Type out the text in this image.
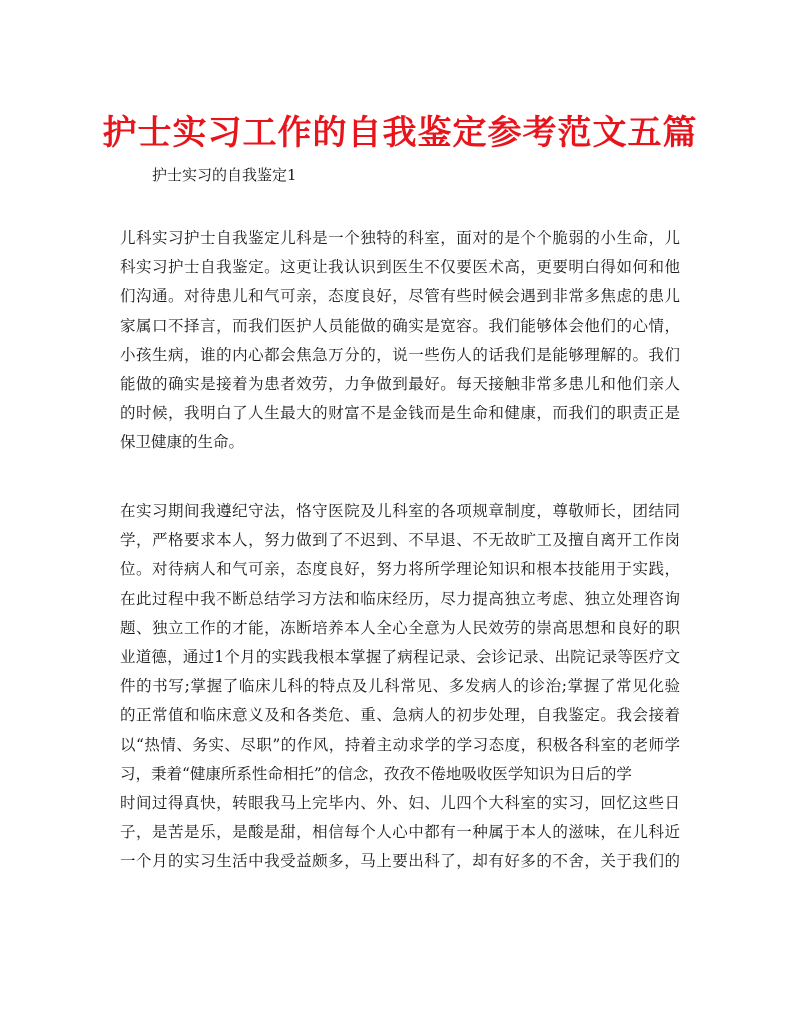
护士实习工作的自我鉴定参考范文五篇

护士实习的自我鉴定1

儿科实习护士自我鉴定儿科是一个独特的科室，面对的是个个脆弱的小生命，儿
科实习护士自我鉴定。这更让我认识到医生不仅要医术高，更要明白得如何和他
们沟通。对待患儿和气可亲，态度良好，尽管有些时候会遇到非常多焦虑的患儿
家属口不择言，而我们医护人员能做的确实是宽容。我们能够体会他们的心情，
小孩生病，谁的内心都会焦急万分的，说一些伤人的话我们是能够理解的。我们
能做的确实是接着为患者效劳，力争做到最好。每天接触非常多患儿和他们亲人
的时候，我明白了人生最大的财富不是金钱而是生命和健康，而我们的职责正是
保卫健康的生命。
在实习期间我遵纪守法，恪守医院及儿科室的各项规章制度，尊敬师长，团结同
学，严格要求本人，努力做到了不迟到、不早退、不无故旷工及擅自离开工作岗
位。对待病人和气可亲，态度良好，努力将所学理论知识和根本技能用于实践，
在此过程中我不断总结学习方法和临床经历，尽力提高独立考虑、独立处理咨询
题、独立工作的才能，冻断培养本人全心全意为人民效劳的崇高思想和良好的职
业道德，通过1个月的实践我根本掌握了病程记录、会诊记录、出院记录等医疗文
件的书写;掌握了临床儿科的特点及儿科常见、多发病人的诊治;掌握了常见化验
的正常值和临床意义及和各类危、重、急病人的初步处理，自我鉴定。我会接着
以“热情、务实、尽职”的作风，持着主动求学的学习态度，积极各科室的老师学
习，秉着“健康所系性命相托”的信念，孜孜不倦地吸收医学知识为日后的学
时间过得真快，转眼我马上完毕内、外、妇、儿四个大科室的实习，回忆这些日
子，是苦是乐，是酸是甜，相信每个人心中都有一种属于本人的滋味，在儿科近
一个月的实习生活中我受益颇多，马上要出科了，却有好多的不舍，关于我们的
